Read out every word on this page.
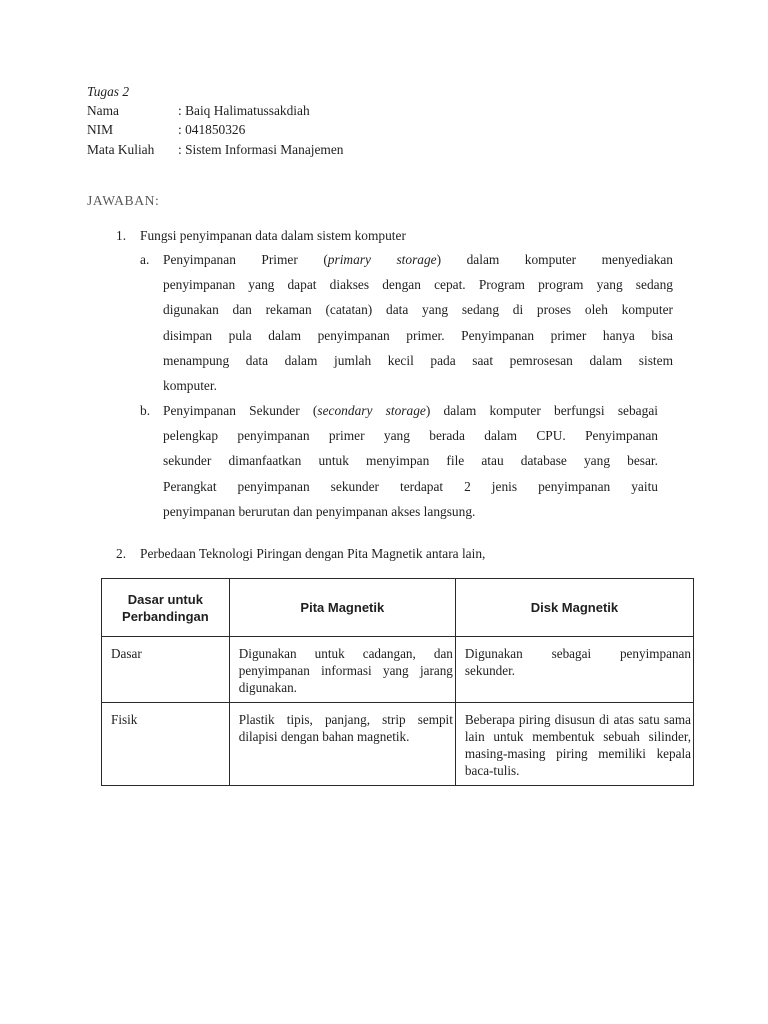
Tugas 2
Nama	: Baiq Halimatussakdiah
NIM	: 041850326
Mata Kuliah : Sistem Informasi Manajemen
JAWABAN:
1. Fungsi penyimpanan data dalam sistem komputer
a. Penyimpanan Primer (primary storage) dalam komputer menyediakan
penyimpanan yang dapat diakses dengan cepat. Program program yang sedang
digunakan dan rekaman (catatan) data yang sedang di proses oleh komputer
disimpan pula dalam penyimpanan primer. Penyimpanan primer hanya bisa
menampung data dalam jumlah kecil pada saat pemrosesan dalam sistem
komputer.
b. Penyimpanan Sekunder (secondary storage) dalam komputer berfungsi sebagai
pelengkap penyimpanan primer yang berada dalam CPU. Penyimpanan
sekunder dimanfaatkan untuk menyimpan file atau database yang besar.
Perangkat penyimpanan sekunder terdapat 2 jenis penyimpanan yaitu
penyimpanan berurutan dan penyimpanan akses langsung.
2. Perbedaan Teknologi Piringan dengan Pita Magnetik antara lain,
Dasar untuk
Perbandingan	Pita Magnetik	Disk Magnetik

Dasar	Digunakan untuk cadangan, dan penyimpanan informasi yang jarang digunakan.	Digunakan sebagai penyimpanan sekunder.

Fisik	Plastik tipis, panjang, strip sempit dilapisi dengan bahan magnetik.	Beberapa piring disusun di atas satu sama lain untuk membentuk sebuah silinder, masing-masing piring memiliki kepala baca-tulis.
